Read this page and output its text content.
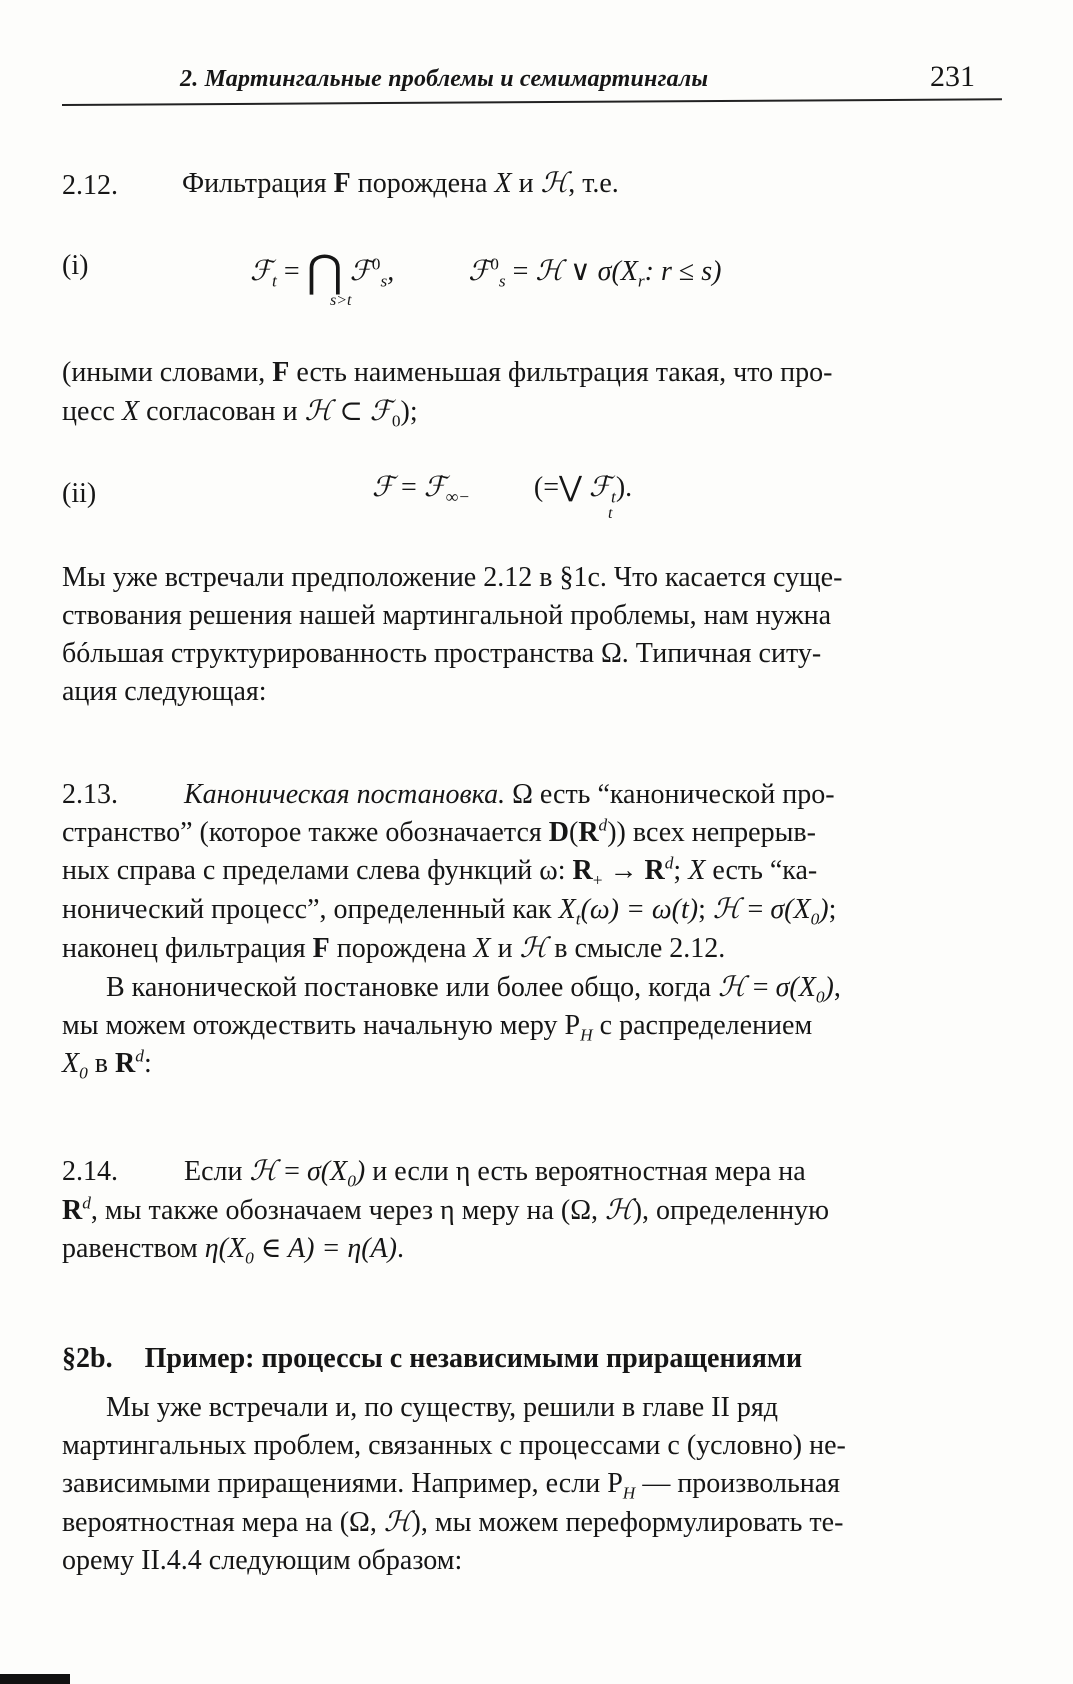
2. Мартингальные проблемы и семимартингалы	231
2.12. Фильтрация F порождена X и ℋ, т.е.
(i)	ℱ$_t$ = ⋂ ℱ$^0_s$,  ℱ$^0_s$ = ℋ ∨ $\sigma(X_r$: r ≤ s)
s>t
(иными словами, F есть наименьшая фильтрация такая, что про-
цесс X согласован и ℋ ⊂ ℱ$_0$);
(ii)	ℱ = ℱ$_{\infty-}$ (=⋁ ℱ$_t$).
t
Мы уже встречали предположение 2.12 в §1с. Что касается суще-
ствования решения нашей мартингальной проблемы, нам нужна
бóльшая структурированность пространства Ω. Типичная ситу-
ация следующая:
2.13. Каноническая постановка. Ω есть “канонической про-
странство” (которое также обозначается $D(R^d)$) всех непрерыв-
ных справа с пределами слева функций ω: $R_+ \to R^d$; X есть “ка-
нонический процесс”, определенный как $X_t(\omega) = \omega(t)$; ℋ = $\sigma(X_0)$;
наконец фильтрация F порождена X и ℋ в смысле 2.12.
В канонической постановке или более общо, когда ℋ = $\sigma(X_0)$,
мы можем отождествить начальную меру $P_H$ с распределением
$X_0$ в $R^d$:
2.14. Если ℋ = $\sigma(X_0)$ и если η есть вероятностная мера на
$R^d$, мы также обозначаем через η меру на (Ω, ℋ), определенную
равенством $\eta(X_0$ ∈ A) = η(A).
§2b. Пример: процессы с независимыми приращениями
Мы уже встречали и, по существу, решили в главе II ряд
мартингальных проблем, связанных с процессами с (условно) не-
зависимыми приращениями. Например, если $P_H$ — произвольная
вероятностная мера на (Ω, ℋ), мы можем переформулировать те-
орему II.4.4 следующим образом:
